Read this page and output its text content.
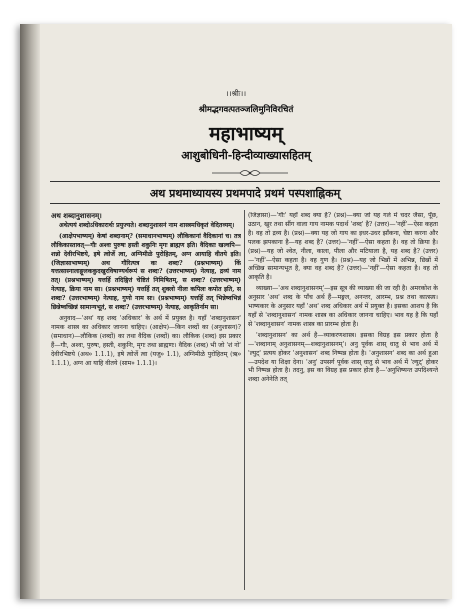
।।श्रीः।।
श्रीमद्भगवत्पतञ्जलिमुनिविरचितं
महाभाष्यम्
आशुबोधिनी-हिन्दीव्याख्यासहितम्
अथ प्रथमाध्यायस्य प्रथमपादे प्रथमं पस्पशाह्निकम्
अथ शब्दानुशासनम्।

अथेत्ययं शब्दोऽधिकारार्थः प्रयुज्यते। शब्दानुशासनं नाम शास्त्रमधिकृतं वेदितव्यम्।

(आक्षेपभाष्यम्) केषां शब्दानाम्? (समाधानभाष्यम्) लौकिकानां वैदिकानां च। तत्र लौकिकास्तावत्—गौः अश्वः पुरुषः हस्ती शकुनिः मृगः ब्राह्मण इति। वैदिकाः खल्वपि—शन्नो देवीरभिष्टये, इषे त्वोर्जे त्वा, अग्निमीळे पुरोहितम्, अग्न आयाहि वीतये इति। (जिज्ञासाभाष्यम्) अथ गौरित्यत्र कः शब्दः? (प्रश्नभाष्यम्) किं यत्तत्सास्नालाङ्गूलककुदखुरविषाण्यर्थरूपं स शब्दः? (उत्तरभाष्यम्) नेत्याह, द्रव्यं नाम तत्। (प्रश्नभाष्यम्) यत्तर्हि तदिङ्गितं चेष्टितं निमिषितम्, स शब्दः? (उत्तरभाष्यम्) नेत्याह, क्रिया नाम सा। (प्रश्नभाष्यम्) यत्तर्हि तत् शुक्लो नीलः कपिलः कपोत इति, स शब्दः? (उत्तरभाष्यम्) नेत्याह, गुणो नाम सः। (प्रश्नभाष्यम्) यत्तर्हि तत् भिन्नेष्वभिन्नं छिन्नेष्वच्छिन्नं सामान्यभूतं, स शब्दः? (उत्तरभाष्यम्) नेत्याह, आकृतिर्नाम सा।

अनुवाद—'अथ' यह शब्द 'अधिकार' के अर्थ में प्रयुक्त है। यहाँ 'शब्दानुशासन' नामक शास्त्र का अधिकार जानना चाहिए। (आक्षेप)—किन शब्दों का (अनुशासन)? (समाधान)—लौकिक (शब्दों) का तथा वैदिक (शब्दों) का। लौकिक (शब्द) इस प्रकार हैं—गौः, अश्वः, पुरुषः, हस्ती, शकुनिः, मृगः तथा ब्राह्मणः। वैदिक (शब्द) भी जो 'शं नो' देवीरभिष्टये (अथ० 1.1.1), इषे त्वोर्जे त्वा (यजु० 1.1), अग्निमीळे पुरोहितम् (ऋ० 1.1.1), अग्न आ याहि वीतये (साम० 1.1.1)।

(जिज्ञासा)—'गौः' यहाँ शब्द क्या है? (प्रश्न)—क्या जो यह गले में चदर जैसा, पूँछ, उठान, खुर तथा सींग वाला गाय नामक पदार्थ 'शब्द' है? (उत्तर)—'नहीं'—ऐसा कहता है। वह तो द्रव्य है। (प्रश्न)—क्या यह जो गाय का इधर-उधर झाँकना, चेष्टा करना और पलक झपकाना है—यह शब्द है? (उत्तर)—'नहीं'—ऐसा कहता है। वह तो क्रिया है। (प्रश्न)—यह जो श्वेत, नीला, काला, पीला और मटियाला है, यह शब्द है? (उत्तर)—'नहीं'—ऐसा कहता है। वह गुण है। (प्रश्न)—यह जो भिन्नों में अभिन्न, छिन्नों में अच्छिन्न सामान्यभूत है, क्या वह शब्द है? (उत्तर)—'नहीं'—ऐसा कहता है। वह तो आकृति है।

व्याख्या—'अथ शब्दानुशासनम्'—इस सूत्र की व्याख्या की जा रही है। अमरकोश के अनुसार 'अथ' शब्द के पाँच अर्थ हैं—मङ्गल, अनन्तर, आरम्भ, प्रश्न तथा कात्स्न्र्य। भाष्यकार के अनुसार यहाँ 'अथ' शब्द अधिकार अर्थ में प्रयुक्त है। इसका आशय है कि यहाँ से 'शब्दानुशासन' नामक शास्त्र का अधिकार जानना चाहिए। भाव यह है कि यहाँ से 'शब्दानुशासन' नामक शास्त्र का प्रारम्भ होता है।

'शब्दानुशासन' का अर्थ है—व्याकरणशास्त्र। इसका विग्रह इस प्रकार होता है—'शब्दानाम् अनुशासनम्—शब्दानुशासनम्'। अनु पूर्वक शास् धातु से भाव अर्थ में 'ल्युट्' प्रत्यय होकर 'अनुशासन' शब्द निष्पन्न होता है। 'अनुशासन' शब्द का अर्थ हुआ—उपदेश या शिक्षा देना। 'अनु' उपसर्ग पूर्वक शास् धातु से भाव अर्थ में 'ल्युट्' होकर भी निष्पन्न होता है। तदनु, इस का विग्रह इस प्रकार होता है—'अनुशिष्यन्त उपदिश्यन्ते शब्दा अनेनेति तत्
